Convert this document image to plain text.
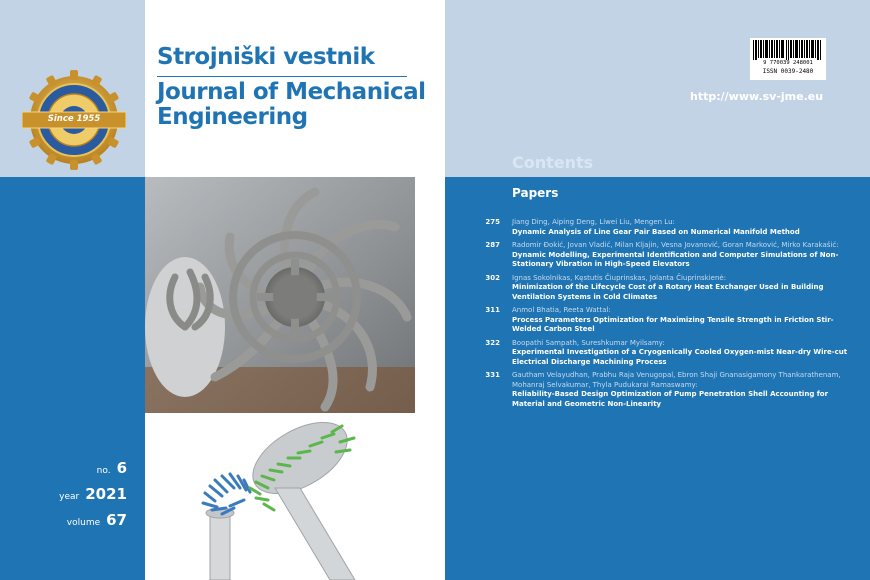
Since 1955
Strojniški vestnik
Journal of Mechanical Engineering
no. 6
year 2021
volume 67
9 770039 248001
ISSN 0039-2480
http://www.sv-jme.eu
Contents
Papers
275 Jiang Ding, Aiping Deng, Liwei Liu, Mengen Lu:
Dynamic Analysis of Line Gear Pair Based on Numerical Manifold Method
287 Radomir Đokić, Jovan Vladić, Milan Kljajin, Vesna Jovanović, Goran Marković, Mirko Karakašić:
Dynamic Modelling, Experimental Identification and Computer Simulations of Non-Stationary Vibration in High-Speed Elevators
302 Ignas Sokolnikas, Kęstutis Čiuprinskas, Jolanta Čiuprinskienė:
Minimization of the Lifecycle Cost of a Rotary Heat Exchanger Used in Building Ventilation Systems in Cold Climates
311 Anmol Bhatia, Reeta Wattal:
Process Parameters Optimization for Maximizing Tensile Strength in Friction Stir-Welded Carbon Steel
322 Boopathi Sampath, Sureshkumar Myilsamy:
Experimental Investigation of a Cryogenically Cooled Oxygen-mist Near-dry Wire-cut Electrical Discharge Machining Process
331 Gautham Velayudhan, Prabhu Raja Venugopal, Ebron Shaji Gnanasigamony Thankarathenam, Mohanraj Selvakumar, Thyla Pudukarai Ramaswamy:
Reliability-Based Design Optimization of Pump Penetration Shell Accounting for Material and Geometric Non-Linearity
